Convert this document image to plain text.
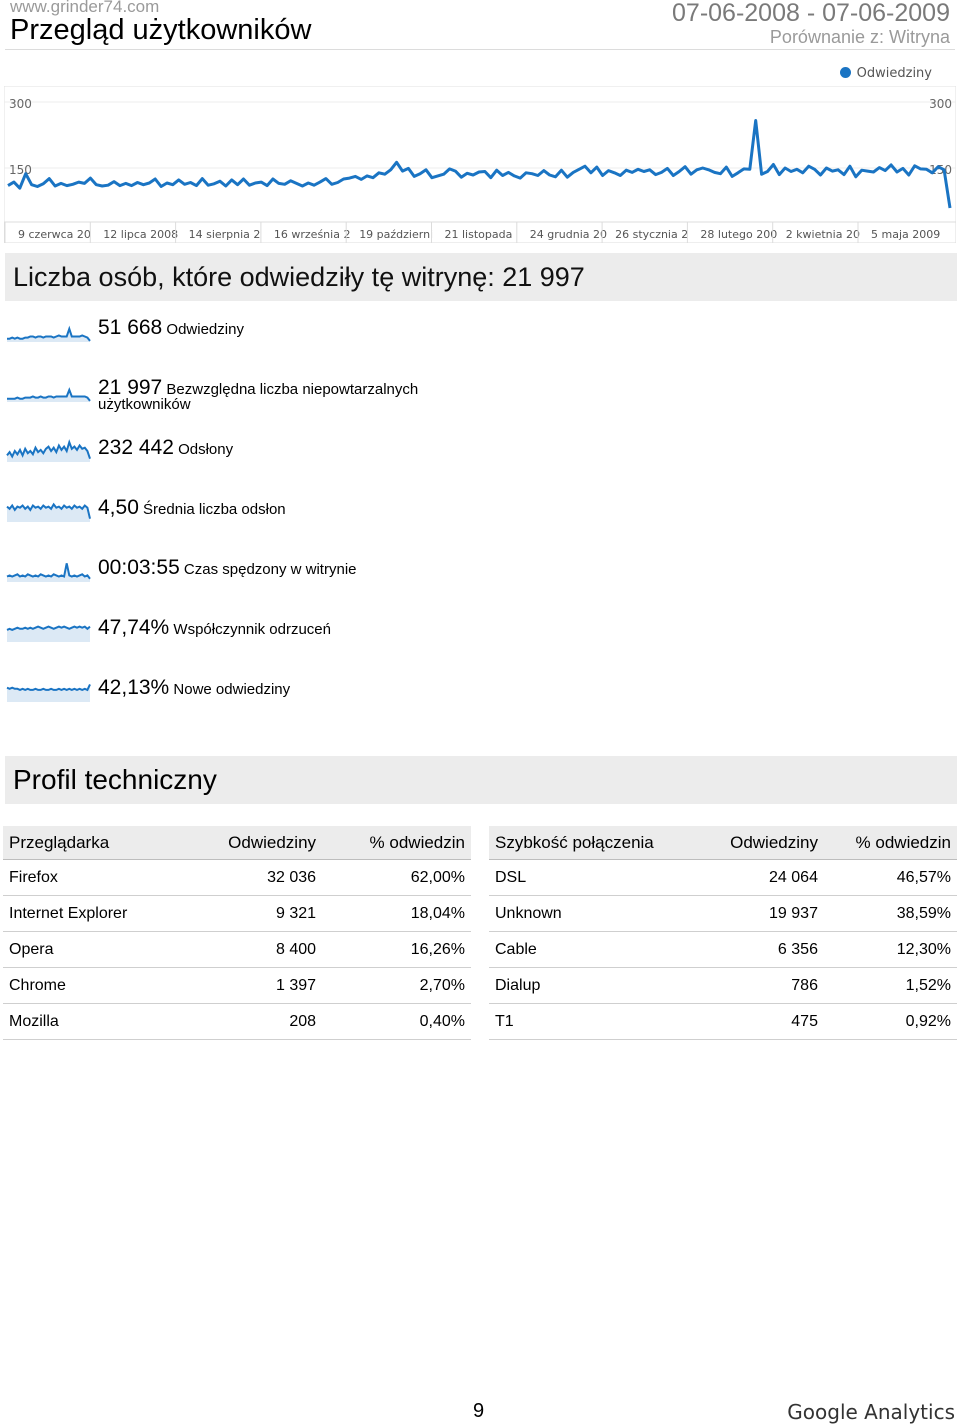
www.grinder74.com
Przegląd użytkowników
07-06-2008 - 07-06-2009
Porównanie z: Witryna
Odwiedziny
300	300
150	150
9 czerwca 20 12 lipca 2008 14 sierpnia 2 16 września 2 19 październi 21 listopada 24 grudnia 20 26 stycznia 2 28 lutego 200 2 kwietnia 20 5 maja 2009
Liczba osób, które odwiedziły tę witrynę: 21 997
51 668 Odwiedziny
21 997 Bezwzględna liczba niepowtarzalnych użytkowników
232 442 Odsłony
4,50 Średnia liczba odsłon
00:03:55 Czas spędzony w witrynie
47,74% Współczynnik odrzuceń
42,13% Nowe odwiedziny
Profil techniczny
Przeglądarka	Odwiedziny	% odwiedzin
Firefox	32 036	62,00%
Internet Explorer	9 321	18,04%
Opera	8 400	16,26%
Chrome	1 397	2,70%
Mozilla	208	0,40%
Szybkość połączenia	Odwiedziny	% odwiedzin
DSL	24 064	46,57%
Unknown	19 937	38,59%
Cable	6 356	12,30%
Dialup	786	1,52%
T1	475	0,92%
9	Google Analytics
